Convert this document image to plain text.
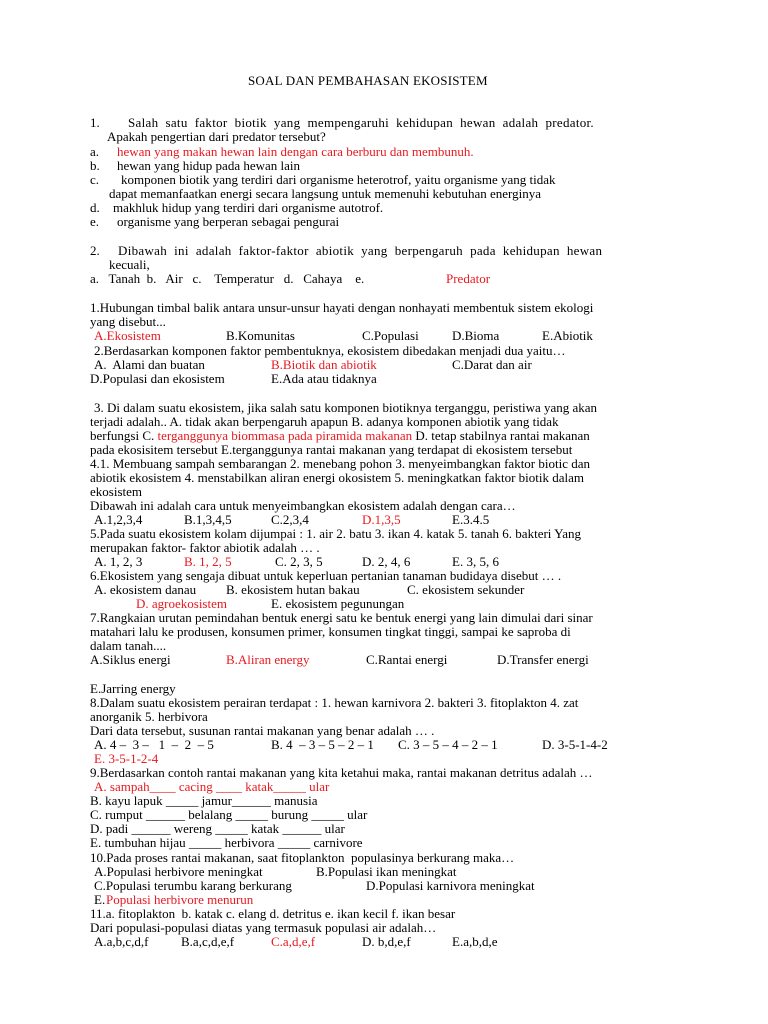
SOAL DAN PEMBAHASAN EKOSISTEM
1. Salah  satu  faktor  biotik  yang  mempengaruhi  kehidupan  hewan  adalah  predator.
Apakah pengertian dari predator tersebut?
a. hewan yang makan hewan lain dengan cara berburu dan membunuh.
b. hewan yang hidup pada hewan lain
c. komponen biotik yang terdiri dari organisme heterotrof, yaitu organisme yang tidak
dapat memanfaatkan energi secara langsung untuk memenuhi kebutuhan energinya
d. makhluk hidup yang terdiri dari organisme autotrof.
e. organisme yang berperan sebagai pengurai
2. Dibawah  ini  adalah  faktor-faktor  abiotik  yang  berpengaruh  pada  kehidupan  hewan
kecuali,
a.   Tanah  b.   Air   c.    Temperatur   d.   Cahaya    e.	Predator
1.Hubungan timbal balik antara unsur-unsur hayati dengan nonhayati membentuk sistem ekologi
yang disebut...
A.Ekosistem	B.Komunitas	C.Populasi	D.Bioma	E.Abiotik
2.Berdasarkan komponen faktor pembentuknya, ekosistem dibedakan menjadi dua yaitu…
A.  Alami dan buatan	B.Biotik dan abiotik	C.Darat dan air
D.Populasi dan ekosistem	E.Ada atau tidaknya
3. Di dalam suatu ekosistem, jika salah satu komponen biotiknya terganggu, peristiwa yang akan
terjadi adalah.. A. tidak akan berpengaruh apapun B. adanya komponen abiotik yang tidak
berfungsi C. terganggunya biommasa pada piramida makanan D. tetap stabilnya rantai makanan
pada ekosisitem tersebut E.terganggunya rantai makanan yang terdapat di ekosistem tersebut
4.1. Membuang sampah sembarangan 2. menebang pohon 3. menyeimbangkan faktor biotic dan
abiotik ekosistem 4. menstabilkan aliran energi okosistem 5. meningkatkan faktor biotik dalam
ekosistem
Dibawah ini adalah cara untuk menyeimbangkan ekosistem adalah dengan cara…
A.1,2,3,4	B.1,3,4,5	C.2,3,4	D.1,3,5	E.3.4.5
5.Pada suatu ekosistem kolam dijumpai : 1. air 2. batu 3. ikan 4. katak 5. tanah 6. bakteri Yang
merupakan faktor- faktor abiotik adalah … .
A. 1, 2, 3	B. 1, 2, 5	C. 2, 3, 5	D. 2, 4, 6	E. 3, 5, 6
6.Ekosistem yang sengaja dibuat untuk keperluan pertanian tanaman budidaya disebut … .
A. ekosistem danau B. ekosistem hutan bakau	C. ekosistem sekunder
D. agroekosistem	E. ekosistem pegunungan
7.Rangkaian urutan pemindahan bentuk energi satu ke bentuk energi yang lain dimulai dari sinar
matahari lalu ke produsen, konsumen primer, konsumen tingkat tinggi, sampai ke saproba di
dalam tanah....
A.Siklus energi	B.Aliran energy	C.Rantai energi	D.Transfer energi
E.Jarring energy
8.Dalam suatu ekosistem perairan terdapat : 1. hewan karnivora 2. bakteri 3. fitoplakton 4. zat
anorganik 5. herbivora
Dari data tersebut, susunan rantai makanan yang benar adalah … .
A. 4 –  3 –   1  –  2  – 5	B. 4  – 3 – 5 – 2 – 1 C. 3 – 5 – 4 – 2 – 1	D. 3-5-1-4-2
E. 3-5-1-2-4
9.Berdasarkan contoh rantai makanan yang kita ketahui maka, rantai makanan detritus adalah …
A. sampah____ cacing ____ katak_____ ular
B. kayu lapuk _____ jamur______ manusia
C. rumput ______ belalang _____ burung _____ ular
D. padi ______ wereng _____ katak ______ ular
E. tumbuhan hijau _____ herbivora _____ carnivore
10.Pada proses rantai makanan, saat fitoplankton  populasinya berkurang maka…
A.Populasi herbivore meningkat	B.Populasi ikan meningkat
C.Populasi terumbu karang berkurang	D.Populasi karnivora meningkat
E. Populasi herbivore menurun
11.a. fitoplakton  b. katak c. elang d. detritus e. ikan kecil f. ikan besar
Dari populasi-populasi diatas yang termasuk populasi air adalah…
A.a,b,c,d,f B.a,c,d,e,f	C.a,d,e,f	D. b,d,e,f	E.a,b,d,e
